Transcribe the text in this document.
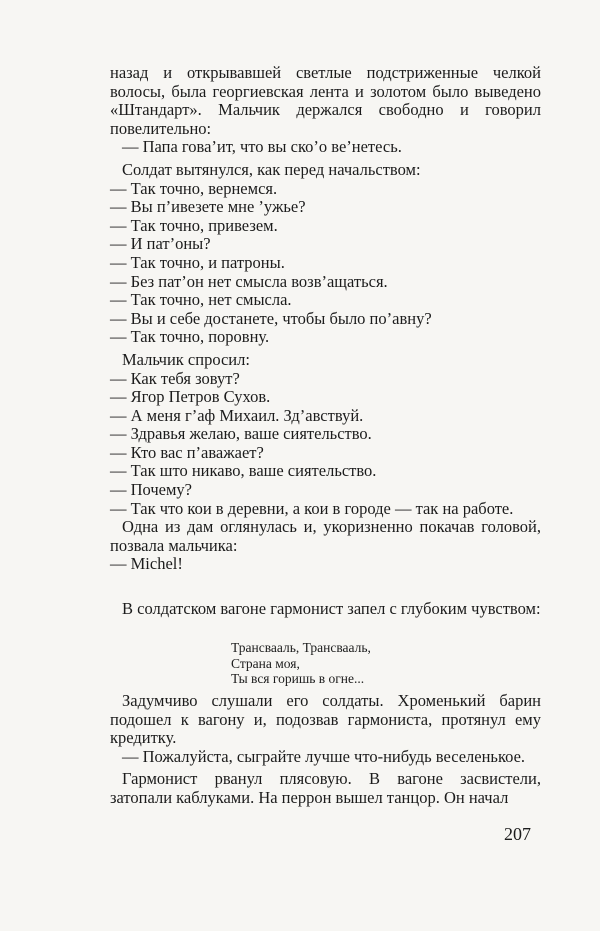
назад и открывавшей светлые подстриженные челкой волосы, была георгиевская лента и золотом было выведено «Штандарт». Мальчик держался свободно и говорил повелительно:

— Папа гова’ит, что вы ско’о ве’нетесь.
Солдат вытянулся, как перед начальством:
— Так точно, вернемся.
— Вы п’ивезете мне ’ужье?
— Так точно, привезем.
— И пат’оны?
— Так точно, и патроны.
— Без пат’он нет смысла возв’ащаться.
— Так точно, нет смысла.
— Вы и себе достанете, чтобы было по’авну?
— Так точно, поровну.
Мальчик спросил:
— Как тебя зовут?
— Ягор Петров Сухов.
— А меня г’аф Михаил. Зд’авствуй.
— Здравья желаю, ваше сиятельство.
— Кто вас п’аважает?
— Так што никаво, ваше сиятельство.
— Почему?

— Так что кои в деревни, а кои в городе — так на работе.

Одна из дам оглянулась и, укоризненно покачав головой, позвала мальчика:

— Michel!

В солдатском вагоне гармонист запел с глубоким чувством:

Трансвааль, Трансвааль,
Страна моя,
Ты вся горишь в огне...

Задумчиво слушали его солдаты. Хроменький барин подошел к вагону и, подозвав гармониста, протянул ему кредитку.

— Пожалуйста, сыграйте лучше что-нибудь веселенькое.

Гармонист рванул плясовую. В вагоне засвистели, затопали каблуками. На перрон вышел танцор. Он начал

207
